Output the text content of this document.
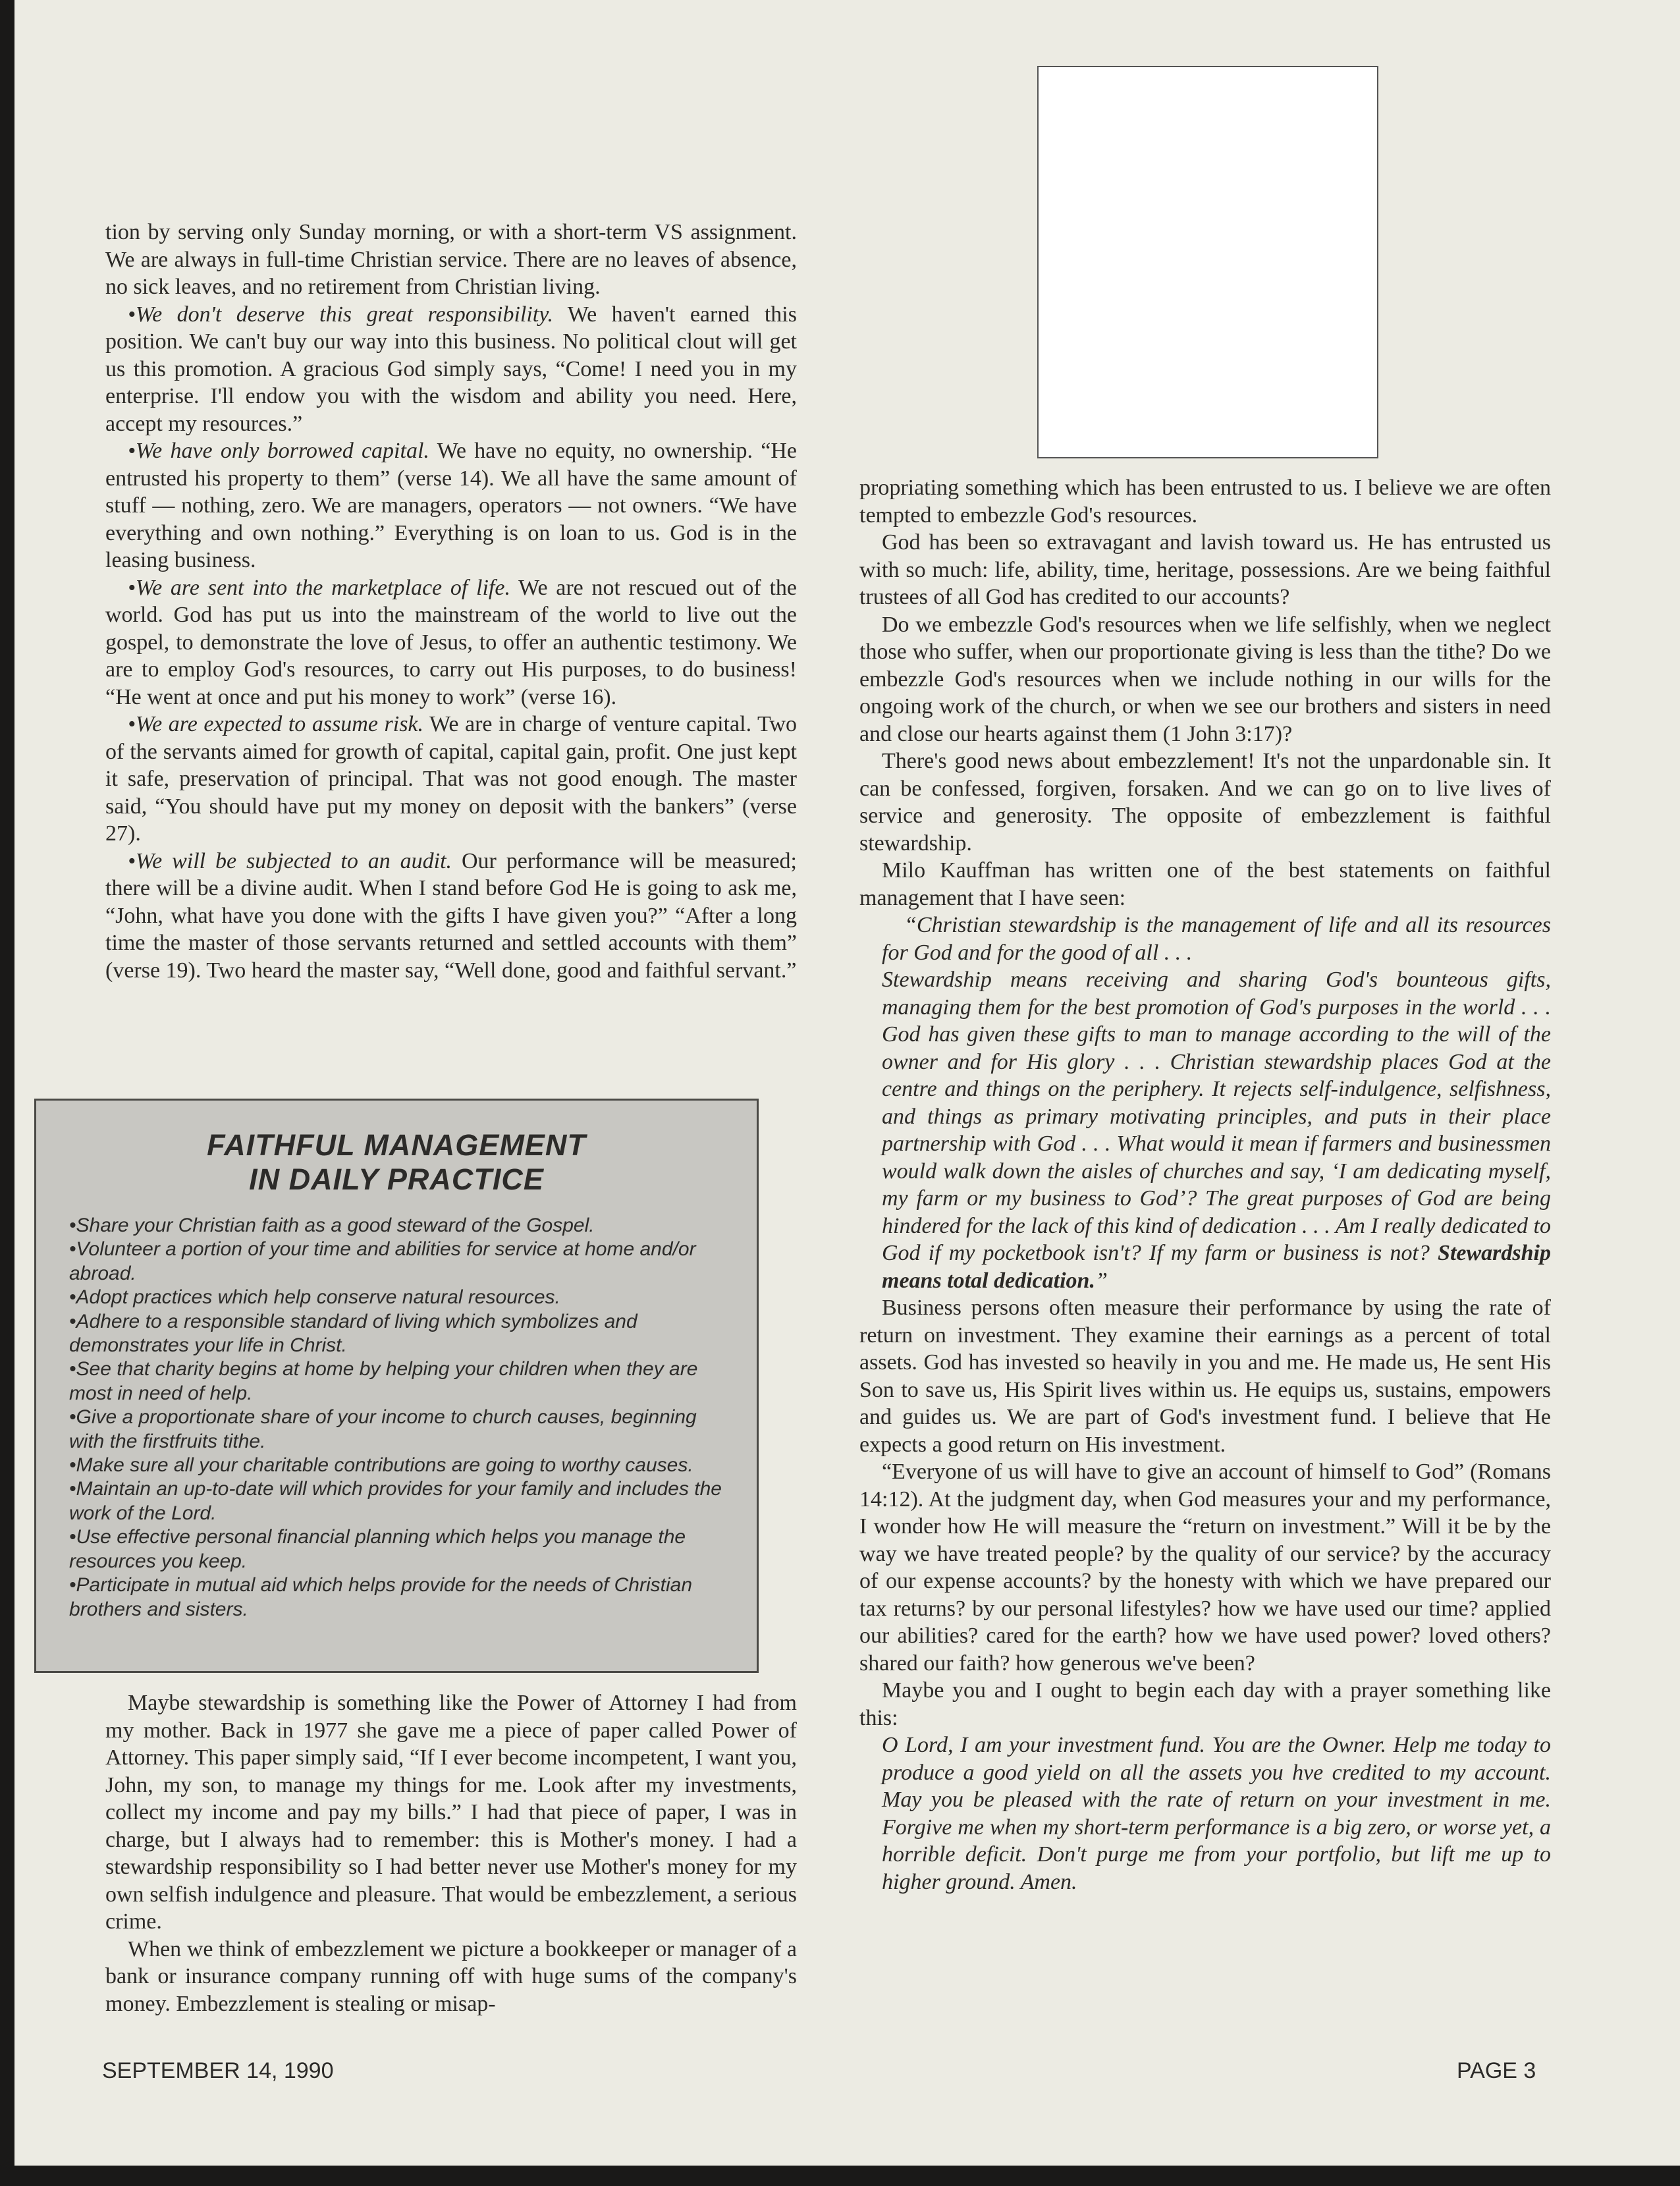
tion by serving only Sunday morning, or with a short-term VS assignment. We are always in full-time Christian service. There are no leaves of absence, no sick leaves, and no retirement from Christian living.

•We don't deserve this great responsibility. We haven't earned this position. We can't buy our way into this business. No political clout will get us this promotion. A gracious God simply says, “Come! I need you in my enterprise. I'll endow you with the wisdom and ability you need. Here, accept my resources.”

•We have only borrowed capital. We have no equity, no ownership. “He entrusted his property to them” (verse 14). We all have the same amount of stuff — nothing, zero. We are managers, operators — not owners. “We have everything and own nothing.” Everything is on loan to us. God is in the leasing business.

•We are sent into the marketplace of life. We are not rescued out of the world. God has put us into the mainstream of the world to live out the gospel, to demonstrate the love of Jesus, to offer an authentic testimony. We are to employ God's resources, to carry out His purposes, to do business! “He went at once and put his money to work” (verse 16).

•We are expected to assume risk. We are in charge of venture capital. Two of the servants aimed for growth of capital, capital gain, profit. One just kept it safe, preservation of principal. That was not good enough. The master said, “You should have put my money on deposit with the bankers” (verse 27).

•We will be subjected to an audit. Our performance will be measured; there will be a divine audit. When I stand before God He is going to ask me, “John, what have you done with the gifts I have given you?” “After a long time the master of those servants returned and settled accounts with them” (verse 19). Two heard the master say, “Well done, good and faithful servant.”

FAITHFUL MANAGEMENT
IN DAILY PRACTICE
•Share your Christian faith as a good steward of the Gospel.
•Volunteer a portion of your time and abilities for service at home and/or abroad.
•Adopt practices which help conserve natural resources.
•Adhere to a responsible standard of living which symbolizes and demonstrates your life in Christ.
•See that charity begins at home by helping your children when they are most in need of help.
•Give a proportionate share of your income to church causes, beginning with the firstfruits tithe.
•Make sure all your charitable contributions are going to worthy causes.
•Maintain an up-to-date will which provides for your family and includes the work of the Lord.
•Use effective personal financial planning which helps you manage the resources you keep.
•Participate in mutual aid which helps provide for the needs of Christian brothers and sisters.

Maybe stewardship is something like the Power of Attorney I had from my mother. Back in 1977 she gave me a piece of paper called Power of Attorney. This paper simply said, “If I ever become incompetent, I want you, John, my son, to manage my things for me. Look after my investments, collect my income and pay my bills.” I had that piece of paper, I was in charge, but I always had to remember: this is Mother's money. I had a stewardship responsibility so I had better never use Mother's money for my own selfish indulgence and pleasure. That would be embezzlement, a serious crime.

When we think of embezzlement we picture a bookkeeper or manager of a bank or insurance company running off with huge sums of the company's money. Embezzlement is stealing or misap-

propriating something which has been entrusted to us. I believe we are often tempted to embezzle God's resources.

God has been so extravagant and lavish toward us. He has entrusted us with so much: life, ability, time, heritage, possessions. Are we being faithful trustees of all God has credited to our accounts?

Do we embezzle God's resources when we life selfishly, when we neglect those who suffer, when our proportionate giving is less than the tithe? Do we embezzle God's resources when we include nothing in our wills for the ongoing work of the church, or when we see our brothers and sisters in need and close our hearts against them (1 John 3:17)?

There's good news about embezzlement! It's not the unpardonable sin. It can be confessed, forgiven, forsaken. And we can go on to live lives of service and generosity. The opposite of embezzlement is faithful stewardship.

Milo Kauffman has written one of the best statements on faithful management that I have seen:

“Christian stewardship is the management of life and all its resources for God and for the good of all . . .

Stewardship means receiving and sharing God's bounteous gifts, managing them for the best promotion of God's purposes in the world . . . God has given these gifts to man to manage according to the will of the owner and for His glory . . . Christian stewardship places God at the centre and things on the periphery. It rejects self-indulgence, selfishness, and things as primary motivating principles, and puts in their place partnership with God . . . What would it mean if farmers and businessmen would walk down the aisles of churches and say, ‘I am dedicating myself, my farm or my business to God’? The great purposes of God are being hindered for the lack of this kind of dedication . . . Am I really dedicated to God if my pocketbook isn't? If my farm or business is not? Stewardship means total dedication.”

Business persons often measure their performance by using the rate of return on investment. They examine their earnings as a percent of total assets. God has invested so heavily in you and me. He made us, He sent His Son to save us, His Spirit lives within us. He equips us, sustains, empowers and guides us. We are part of God's investment fund. I believe that He expects a good return on His investment.

“Everyone of us will have to give an account of himself to God” (Romans 14:12). At the judgment day, when God measures your and my performance, I wonder how He will measure the “return on investment.” Will it be by the way we have treated people? by the quality of our service? by the accuracy of our expense accounts? by the honesty with which we have prepared our tax returns? by our personal lifestyles? how we have used our time? applied our abilities? cared for the earth? how we have used power? loved others? shared our faith? how generous we've been?

Maybe you and I ought to begin each day with a prayer something like this:

O Lord, I am your investment fund. You are the Owner. Help me today to produce a good yield on all the assets you hve credited to my account. May you be pleased with the rate of return on your investment in me. Forgive me when my short-term performance is a big zero, or worse yet, a horrible deficit. Don't purge me from your portfolio, but lift me up to higher ground. Amen.

SEPTEMBER 14, 1990	PAGE 3
